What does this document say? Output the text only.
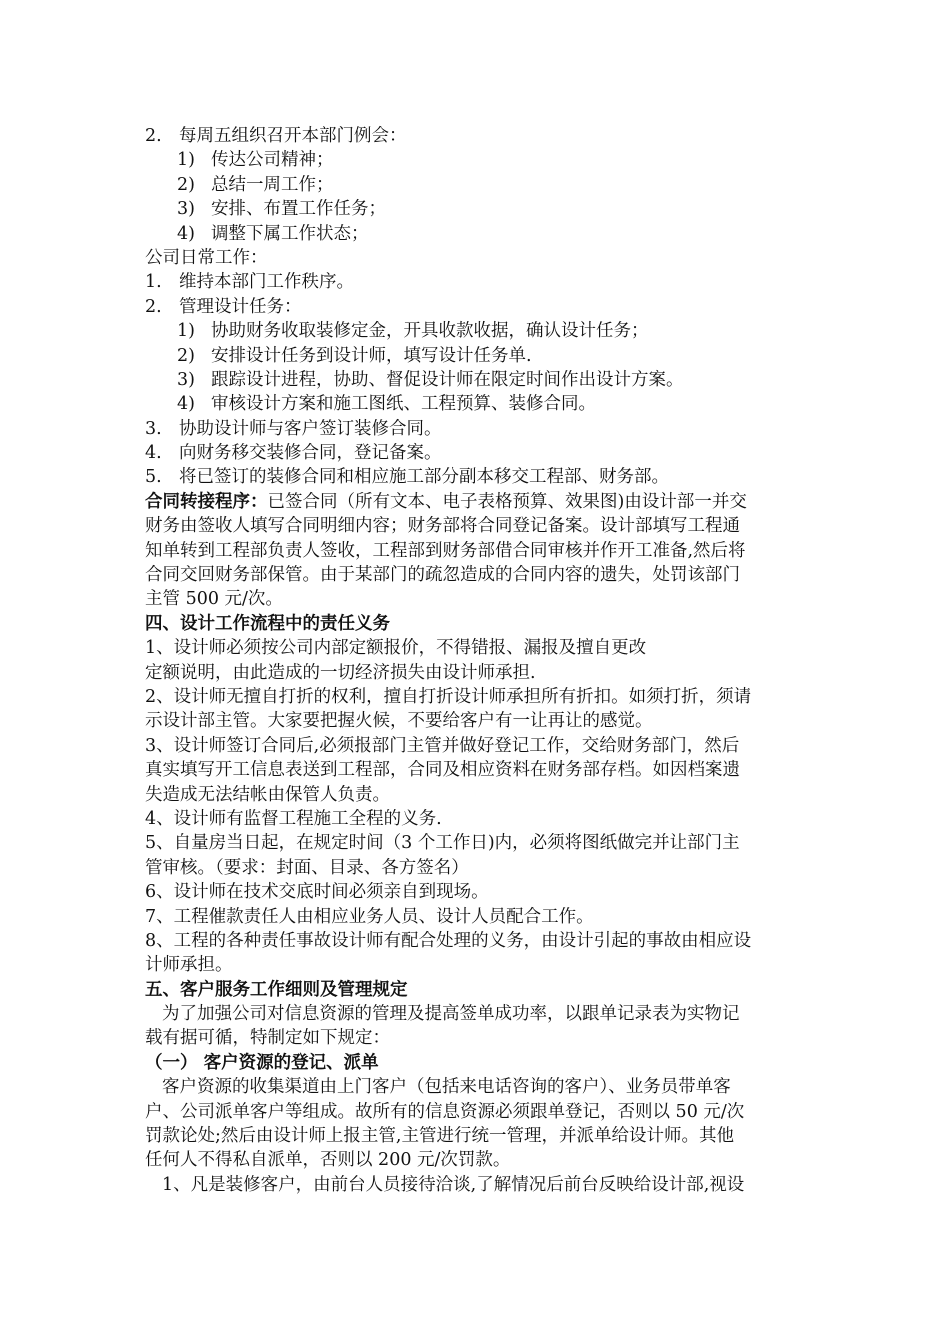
2. 每周五组织召开本部门例会：
1) 传达公司精神；
2) 总结一周工作；
3) 安排、布置工作任务；
4) 调整下属工作状态；
公司日常工作：
1. 维持本部门工作秩序。
2. 管理设计任务：
1) 协助财务收取装修定金，开具收款收据，确认设计任务；
2) 安排设计任务到设计师，填写设计任务单.
3) 跟踪设计进程，协助、督促设计师在限定时间作出设计方案。
4) 审核设计方案和施工图纸、工程预算、装修合同。
3. 协助设计师与客户签订装修合同。
4. 向财务移交装修合同，登记备案。
5. 将已签订的装修合同和相应施工部分副本移交工程部、财务部。
合同转接程序：已签合同（所有文本、电子表格预算、效果图)由设计部一并交
财务由签收人填写合同明细内容；财务部将合同登记备案。设计部填写工程通
知单转到工程部负责人签收，工程部到财务部借合同审核并作开工准备,然后将
合同交回财务部保管。由于某部门的疏忽造成的合同内容的遗失，处罚该部门
主管 500 元/次。
四、设计工作流程中的责任义务
1、设计师必须按公司内部定额报价，不得错报、漏报及擅自更改
定额说明，由此造成的一切经济损失由设计师承担.
2、设计师无擅自打折的权利，擅自打折设计师承担所有折扣。如须打折，须请
示设计部主管。大家要把握火候，不要给客户有一让再让的感觉。
3、设计师签订合同后,必须报部门主管并做好登记工作，交给财务部门，然后
真实填写开工信息表送到工程部，合同及相应资料在财务部存档。如因档案遗
失造成无法结帐由保管人负责。
4、设计师有监督工程施工全程的义务.
5、自量房当日起，在规定时间（3 个工作日)内，必须将图纸做完并让部门主
管审核。（要求：封面、目录、各方签名）
6、设计师在技术交底时间必须亲自到现场。
7、工程催款责任人由相应业务人员、设计人员配合工作。
8、工程的各种责任事故设计师有配合处理的义务，由设计引起的事故由相应设
计师承担。
五、客户服务工作细则及管理规定
为了加强公司对信息资源的管理及提高签单成功率，以跟单记录表为实物记
载有据可循，特制定如下规定：
（一） 客户资源的登记、派单
客户资源的收集渠道由上门客户（包括来电话咨询的客户）、业务员带单客
户、公司派单客户等组成。故所有的信息资源必须跟单登记，否则以 50 元/次
罚款论处;然后由设计师上报主管,主管进行统一管理，并派单给设计师。其他
任何人不得私自派单，否则以 200 元/次罚款。
1、凡是装修客户，由前台人员接待洽谈,了解情况后前台反映给设计部,视设
